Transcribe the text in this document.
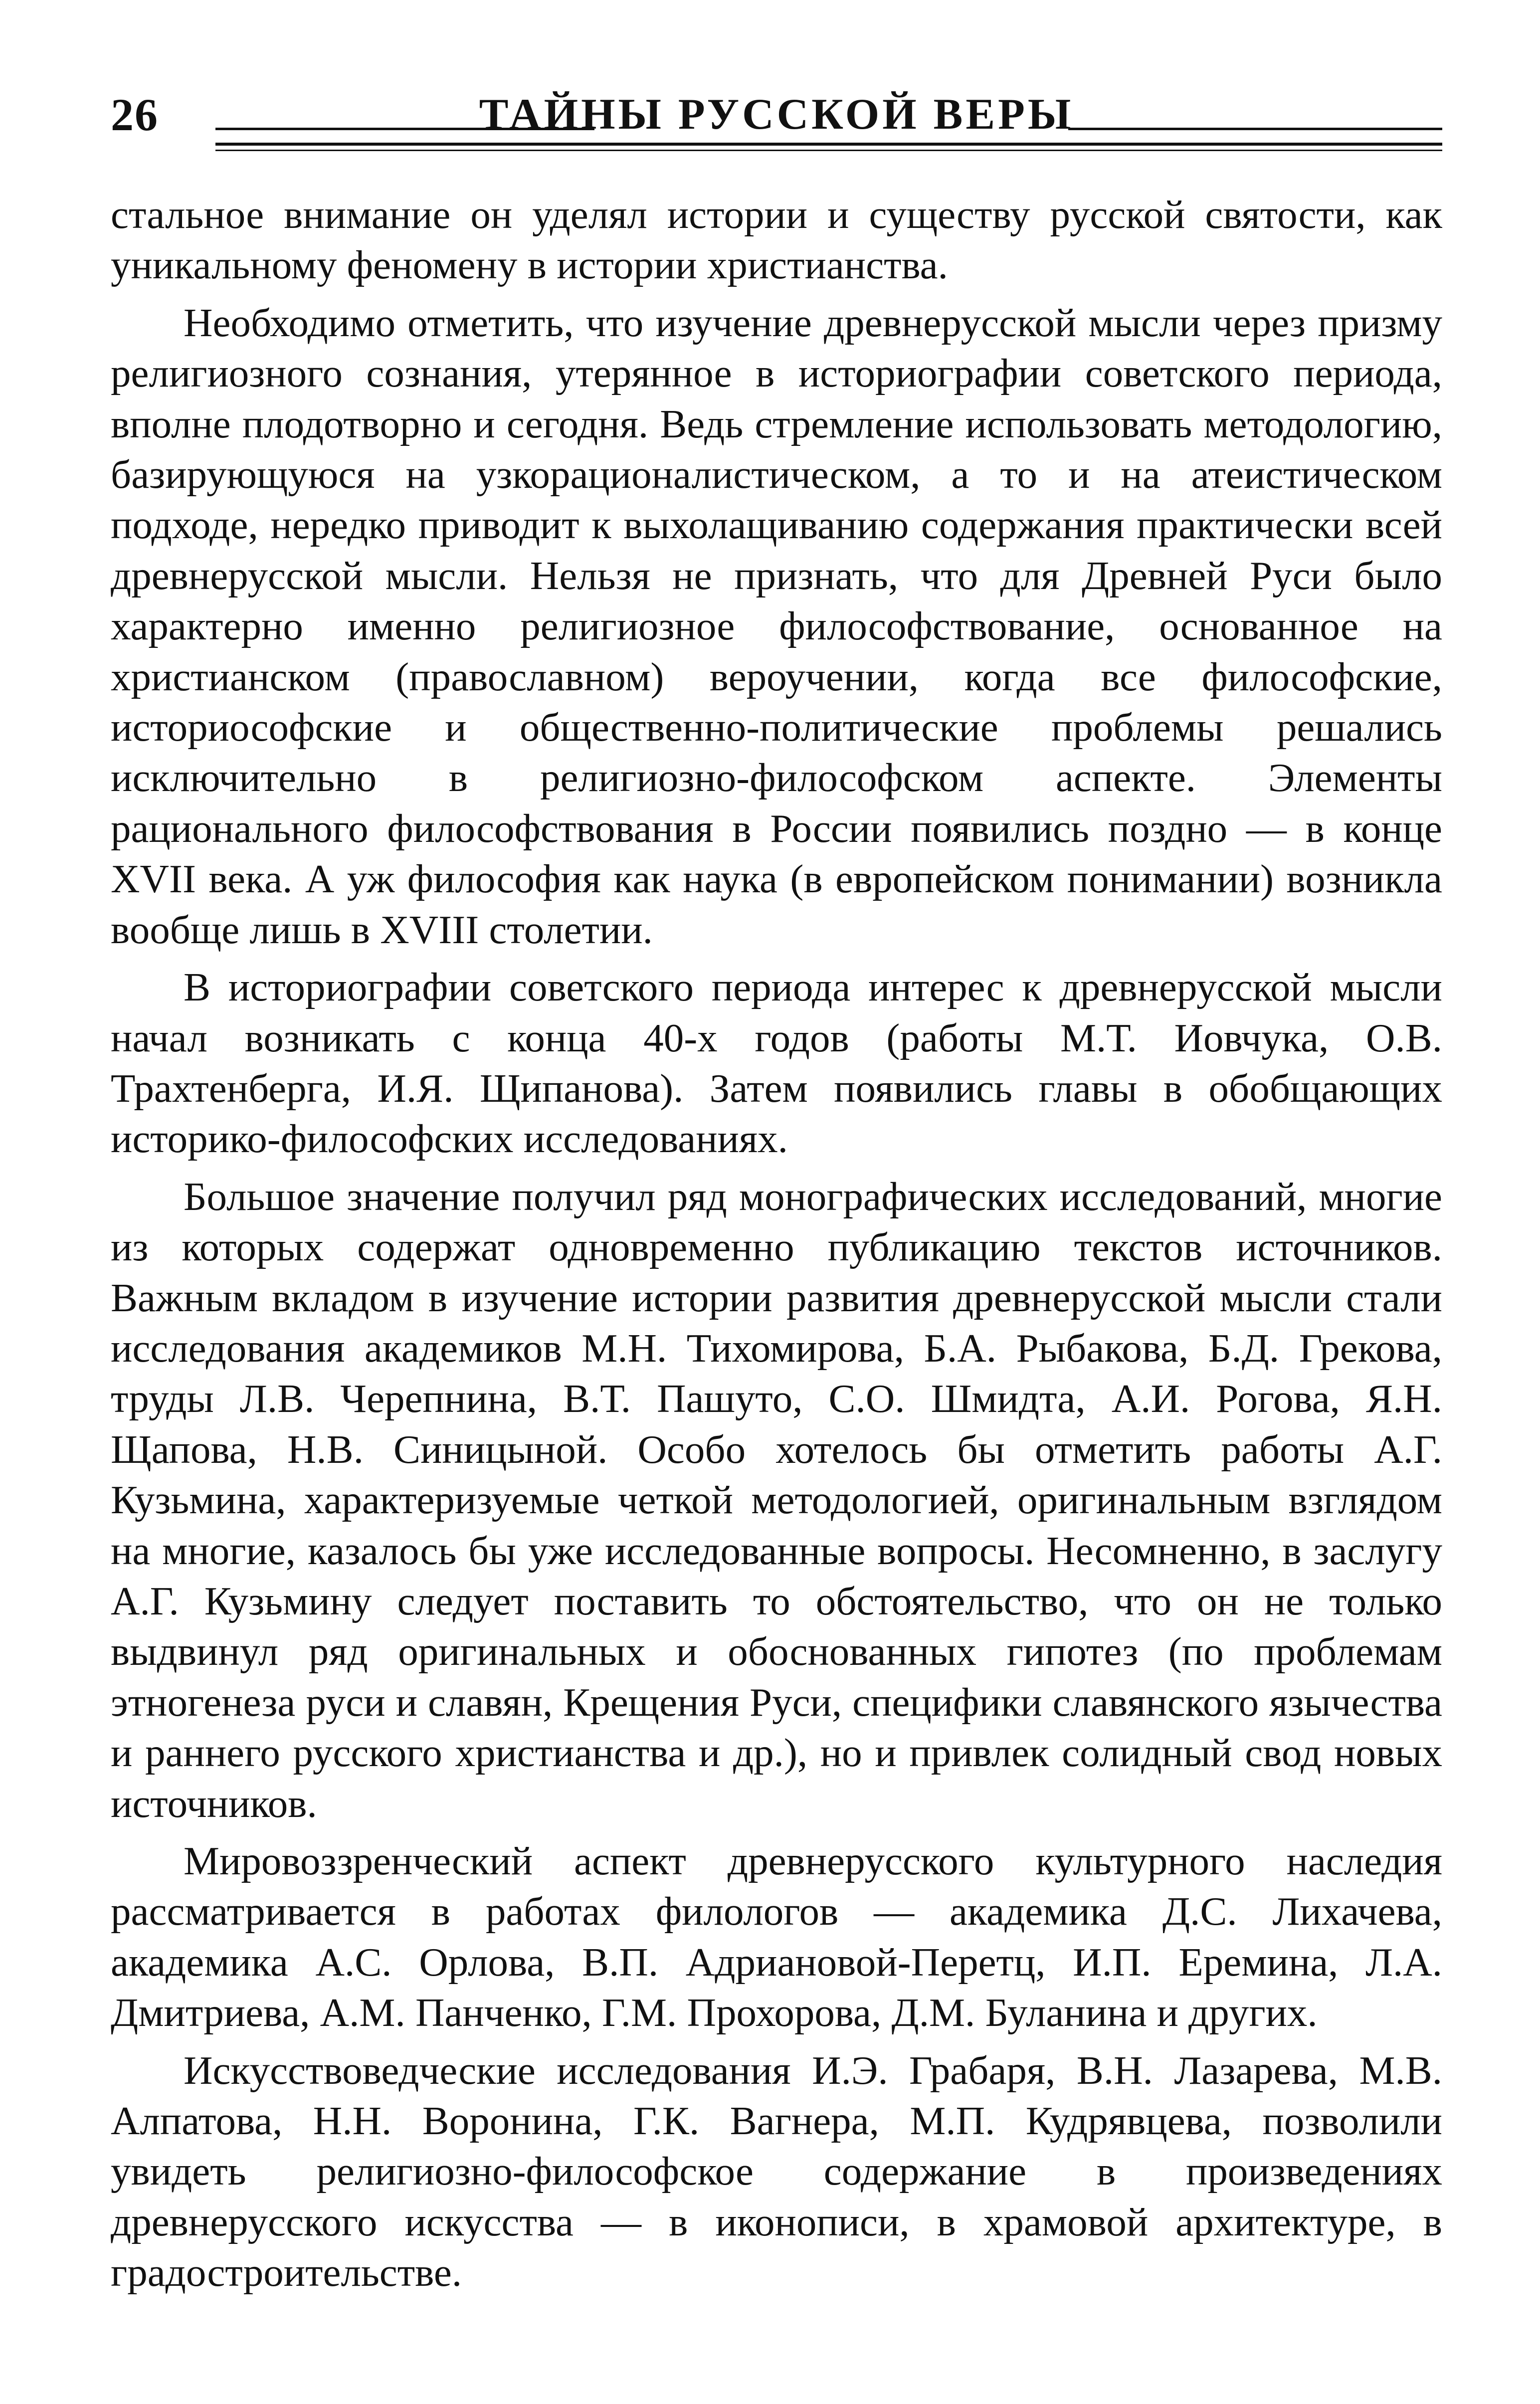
26	ТАЙНЫ РУССКОЙ ВЕРЫ

стальное внимание он уделял истории и существу русской святости, как уникальному феномену в истории христианства.

Необходимо отметить, что изучение древнерусской мысли через призму религиозного сознания, утерянное в историографии советского периода, вполне плодотворно и сегодня. Ведь стремление использовать методологию, базирующуюся на узкорационалистическом, а то и на атеистическом подходе, нередко приводит к выхолащиванию содержания практически всей древнерусской мысли. Нельзя не признать, что для Древней Руси было характерно именно религиозное философствование, основанное на христианском (православном) вероучении, когда все философские, историософские и общественно-политические проблемы решались исключительно в религиозно-философском аспекте. Элементы рационального философствования в России появились поздно — в конце XVII века. А уж философия как наука (в европейском понимании) возникла вообще лишь в XVIII столетии.

В историографии советского периода интерес к древнерусской мысли начал возникать с конца 40-х годов (работы М.Т. Иовчука, О.В. Трахтенберга, И.Я. Щипанова). Затем появились главы в обобщающих историко-философских исследованиях.

Большое значение получил ряд монографических исследований, многие из которых содержат одновременно публикацию текстов источников. Важным вкладом в изучение истории развития древнерусской мысли стали исследования академиков М.Н. Тихомирова, Б.А. Рыбакова, Б.Д. Грекова, труды Л.В. Черепнина, В.Т. Пашуто, С.О. Шмидта, А.И. Рогова, Я.Н. Щапова, Н.В. Синицыной. Особо хотелось бы отметить работы А.Г. Кузьмина, характеризуемые четкой методологией, оригинальным взглядом на многие, казалось бы уже исследованные вопросы. Несомненно, в заслугу А.Г. Кузьмину следует поставить то обстоятельство, что он не только выдвинул ряд оригинальных и обоснованных гипотез (по проблемам этногенеза руси и славян, Крещения Руси, специфики славянского язычества и раннего русского христианства и др.), но и привлек солидный свод новых источников.

Мировоззренческий аспект древнерусского культурного наследия рассматривается в работах филологов — академика Д.С. Лихачева, академика А.С. Орлова, В.П. Адриановой-Перетц, И.П. Еремина, Л.А. Дмитриева, А.М. Панченко, Г.М. Прохорова, Д.М. Буланина и других.

Искусствоведческие исследования И.Э. Грабаря, В.Н. Лазарева, М.В. Алпатова, Н.Н. Воронина, Г.К. Вагнера, М.П. Кудрявцева, позволили увидеть религиозно-философское содержание в произведениях древнерусского искусства — в иконописи, в храмовой архитектуре, в градостроительстве.
